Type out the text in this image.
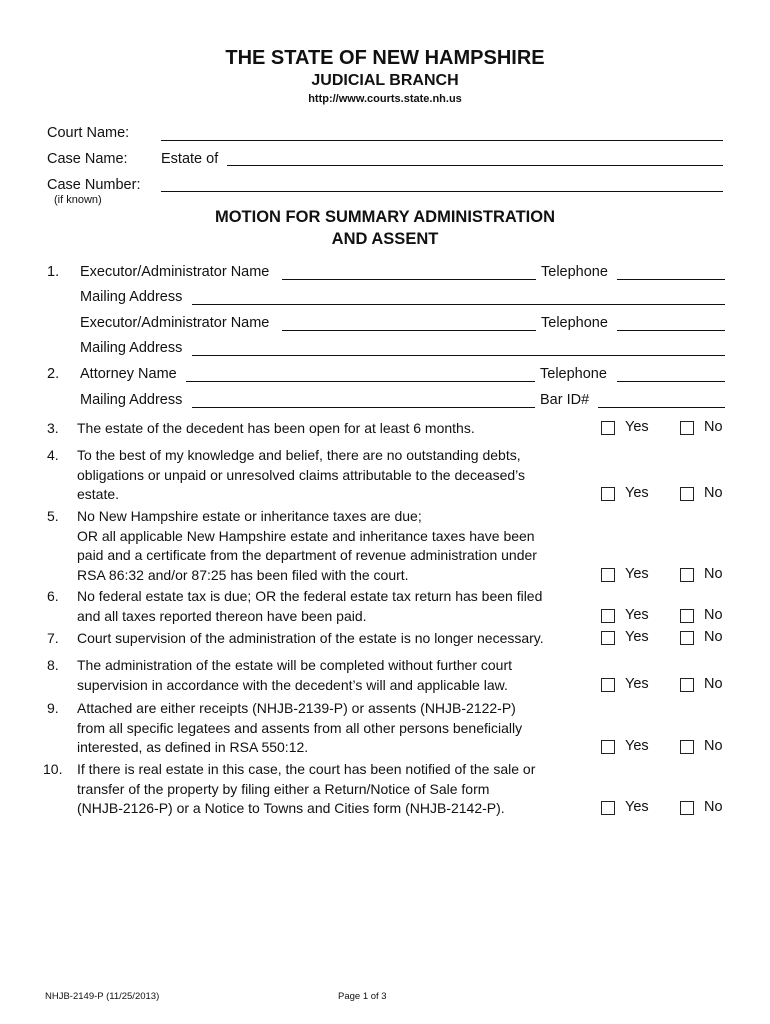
THE STATE OF NEW HAMPSHIRE
JUDICIAL BRANCH
http://www.courts.state.nh.us
Court Name:
Case Name: Estate of
Case Number:
(if known)
MOTION FOR SUMMARY ADMINISTRATION
AND ASSENT
1. Executor/Administrator Name	Telephone
Mailing Address
Executor/Administrator Name	Telephone
Mailing Address
2. Attorney Name	Telephone
Mailing Address	Bar ID#
3. The estate of the decedent has been open for at least 6 months.	Yes	No
4. To the best of my knowledge and belief, there are no outstanding debts,
obligations or unpaid or unresolved claims attributable to the deceased’s
estate.	Yes	No
5. No New Hampshire estate or inheritance taxes are due;
OR all applicable New Hampshire estate and inheritance taxes have been
paid and a certificate from the department of revenue administration under
RSA 86:32 and/or 87:25 has been filed with the court.	Yes	No
6. No federal estate tax is due; OR the federal estate tax return has been filed
and all taxes reported thereon have been paid.	Yes	No
7. Court supervision of the administration of the estate is no longer necessary.	Yes	No
8. The administration of the estate will be completed without further court
supervision in accordance with the decedent’s will and applicable law.	Yes	No
9. Attached are either receipts (NHJB-2139-P) or assents (NHJB-2122-P)
from all specific legatees and assents from all other persons beneficially
interested, as defined in RSA 550:12.	Yes	No
10. If there is real estate in this case, the court has been notified of the sale or
transfer of the property by filing either a Return/Notice of Sale form
(NHJB-2126-P) or a Notice to Towns and Cities form (NHJB-2142-P).	Yes	No
NHJB-2149-P (11/25/2013)	Page 1 of 3
